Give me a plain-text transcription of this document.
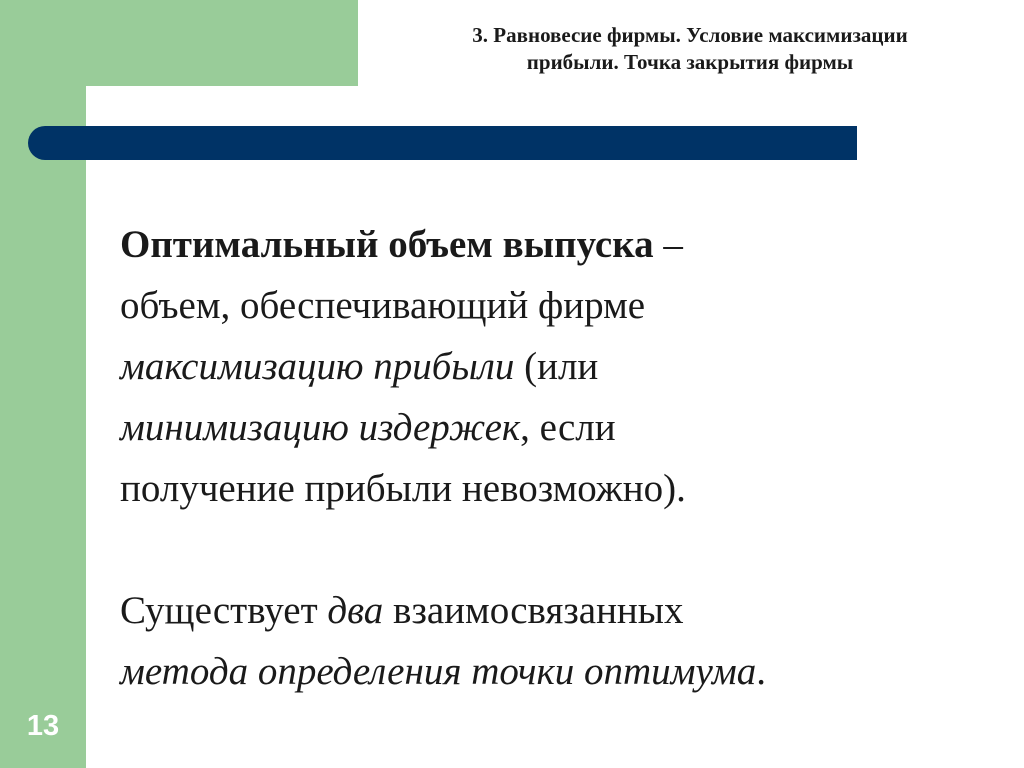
3. Равновесие фирмы. Условие максимизации
прибыли. Точка закрытия фирмы

Оптимальный объем выпуска –
объем, обеспечивающий фирме
максимизацию прибыли (или
минимизацию издержек, если
получение прибыли невозможно).

Существует два взаимосвязанных
метода определения точки оптимума.

13
